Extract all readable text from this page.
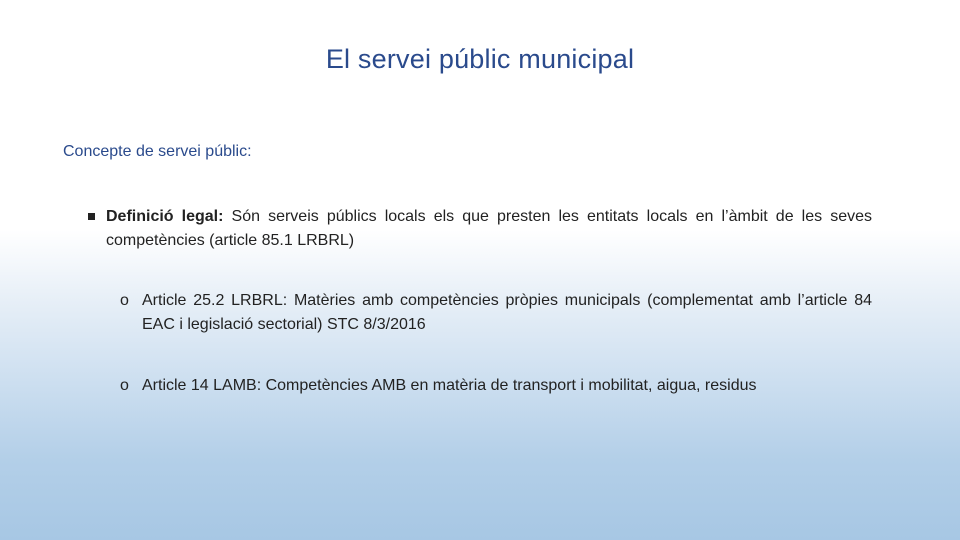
El servei públic municipal
Concepte de servei públic:
Definició legal: Són serveis públics locals els que presten les entitats locals en l’àmbit de les seves competències (article 85.1 LRBRL)
o Article 25.2 LRBRL: Matèries amb competències pròpies municipals (complementat amb l’article 84 EAC i legislació sectorial) STC 8/3/2016
o Article 14 LAMB: Competències AMB en matèria de transport i mobilitat, aigua, residus
